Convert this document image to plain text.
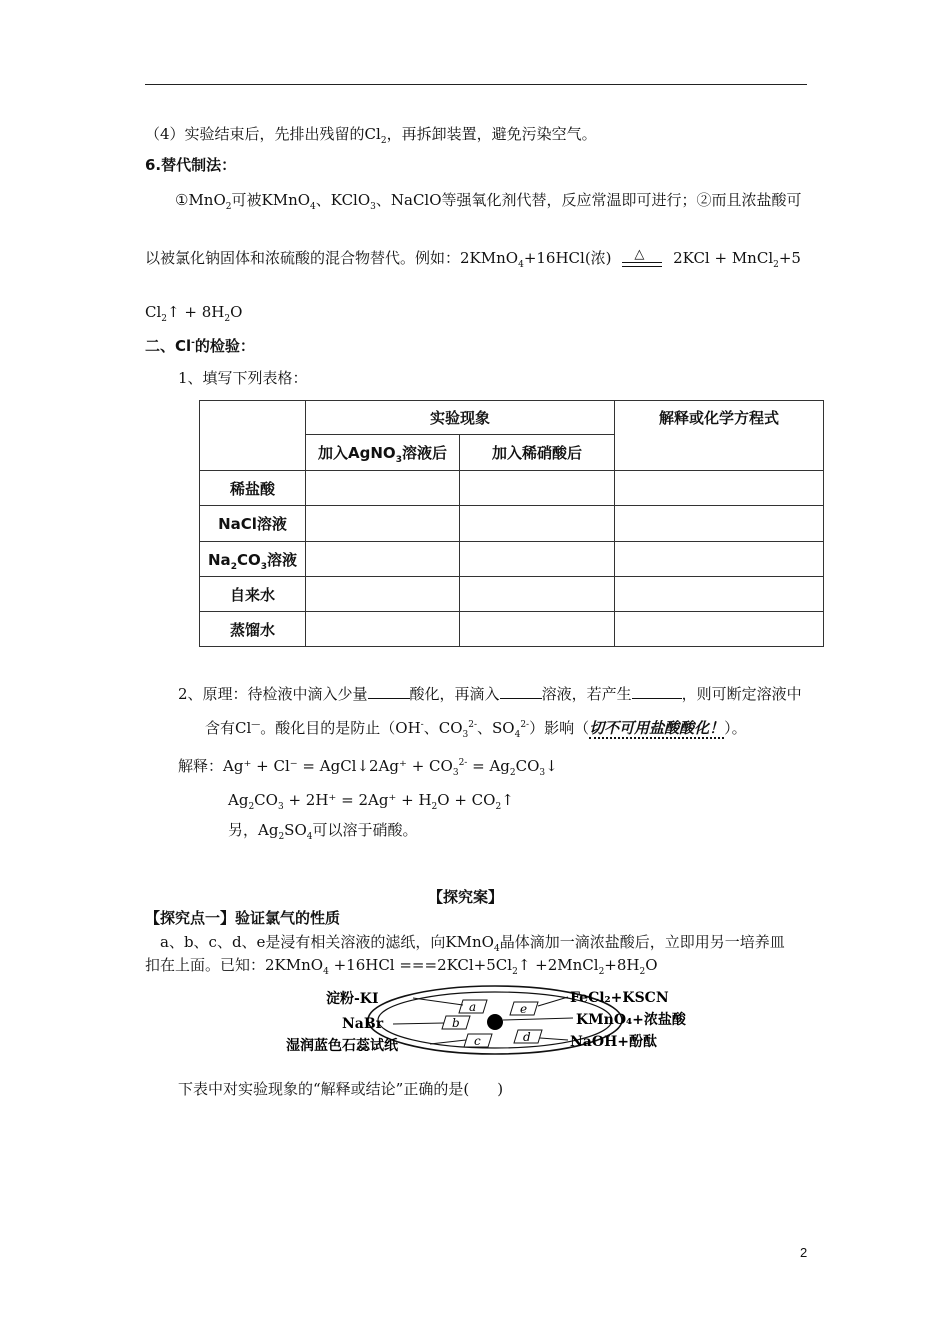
（4）实验结束后，先排出残留的$Cl_2$，再拆卸装置，避免污染空气。
6.替代制法：
①MnO$_2$可被KMnO$_4$、KClO$_3$、NaClO等强氧化剂代替，反应常温即可进行；②而且浓盐酸可
以被氯化钠固体和浓硫酸的混合物替代。例如：2KMnO$_4$+16HCl(浓) △ 2KCl + MnCl$_2$+5
$Cl_2↑ + 8H_2O$
二、Cl-的检验：
1、填写下列表格：
	实验现象		解释或化学方程式
	加入AgNO$_3$溶液后	加入稀硝酸后	
稀盐酸			
NaCl溶液			
$Na_2CO_3$溶液			
自来水			
蒸馏水			
2、原理：待检液中滴入少量	酸化，再滴入	溶液，若产生	，则可断定溶液中
含有Cl—。酸化目的是防止（OH-、$CO_3^{2-}$、$SO_4^{2-}$）影响（切不可用盐酸酸化！）。
解释：Ag⁺ + Cl⁻ = AgCl↓2Ag⁺ + $CO_3^{2-}$ = $Ag_2CO_3↓$
$Ag_2CO_3 + 2H^+ = 2Ag^+ + H_2O$ + $CO_2↑$
另，$Ag_2SO_4$可以溶于硝酸。
【探究案】
【探究点一】验证氯气的性质
a、b、c、d、e是浸有相关溶液的滤纸，向KMnO$_4$晶体滴加一滴浓盐酸后，立即用另一培养皿
扣在上面。已知：2KMnO$_4$ $+16HCl ===2KCl+5Cl_2↑$ $+2MnCl_2+8H_2O$
a
b
c
e
d
淀粉-KI
NaBr
湿润蓝色石蕊试纸
FeCl₂+KSCN
KMnO₄+浓盐酸
NaOH+酚酞
下表中对实验现象的“解释或结论”正确的是( )
2
